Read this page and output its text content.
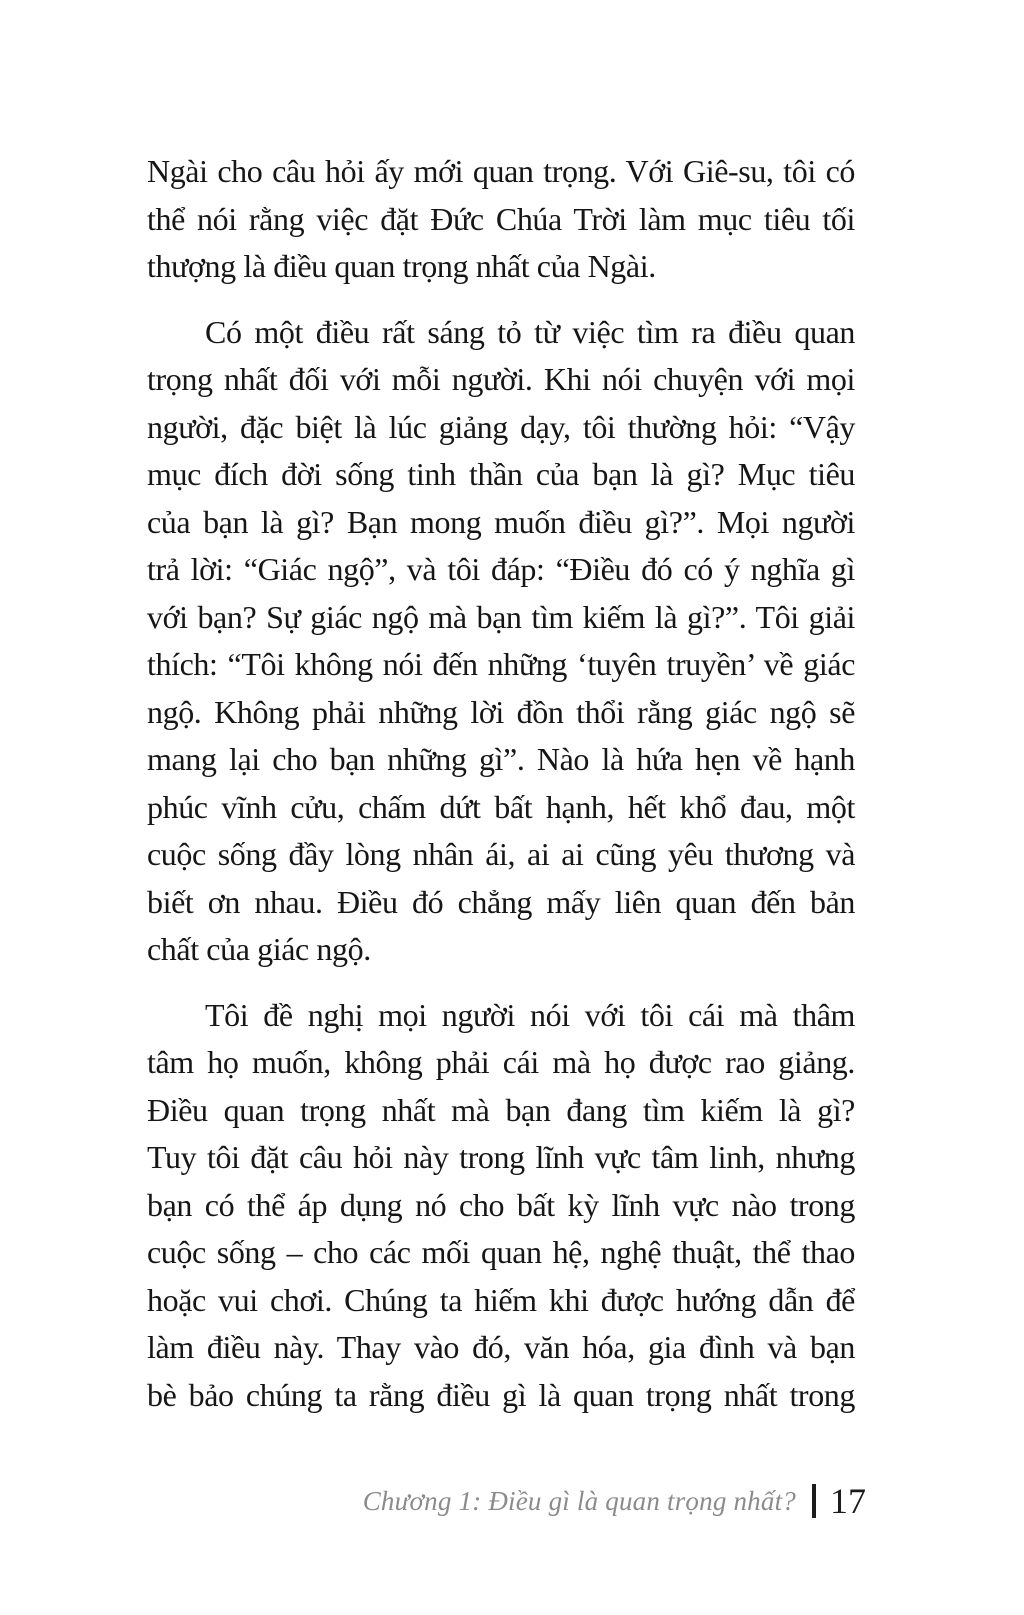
Ngài cho câu hỏi ấy mới quan trọng. Với Giê-su, tôi có
thể nói rằng việc đặt Đức Chúa Trời làm mục tiêu tối
thượng là điều quan trọng nhất của Ngài.
Có một điều rất sáng tỏ từ việc tìm ra điều quan
trọng nhất đối với mỗi người. Khi nói chuyện với mọi
người, đặc biệt là lúc giảng dạy, tôi thường hỏi: “Vậy
mục đích đời sống tinh thần của bạn là gì? Mục tiêu
của bạn là gì? Bạn mong muốn điều gì?”. Mọi người
trả lời: “Giác ngộ”, và tôi đáp: “Điều đó có ý nghĩa gì
với bạn? Sự giác ngộ mà bạn tìm kiếm là gì?”. Tôi giải
thích: “Tôi không nói đến những ‘tuyên truyền’ về giác
ngộ. Không phải những lời đồn thổi rằng giác ngộ sẽ
mang lại cho bạn những gì”. Nào là hứa hẹn về hạnh
phúc vĩnh cửu, chấm dứt bất hạnh, hết khổ đau, một
cuộc sống đầy lòng nhân ái, ai ai cũng yêu thương và
biết ơn nhau. Điều đó chẳng mấy liên quan đến bản
chất của giác ngộ.
Tôi đề nghị mọi người nói với tôi cái mà thâm
tâm họ muốn, không phải cái mà họ được rao giảng.
Điều quan trọng nhất mà bạn đang tìm kiếm là gì?
Tuy tôi đặt câu hỏi này trong lĩnh vực tâm linh, nhưng
bạn có thể áp dụng nó cho bất kỳ lĩnh vực nào trong
cuộc sống – cho các mối quan hệ, nghệ thuật, thể thao
hoặc vui chơi. Chúng ta hiếm khi được hướng dẫn để
làm điều này. Thay vào đó, văn hóa, gia đình và bạn
bè bảo chúng ta rằng điều gì là quan trọng nhất trong
Chương 1: Điều gì là quan trọng nhất? 17
